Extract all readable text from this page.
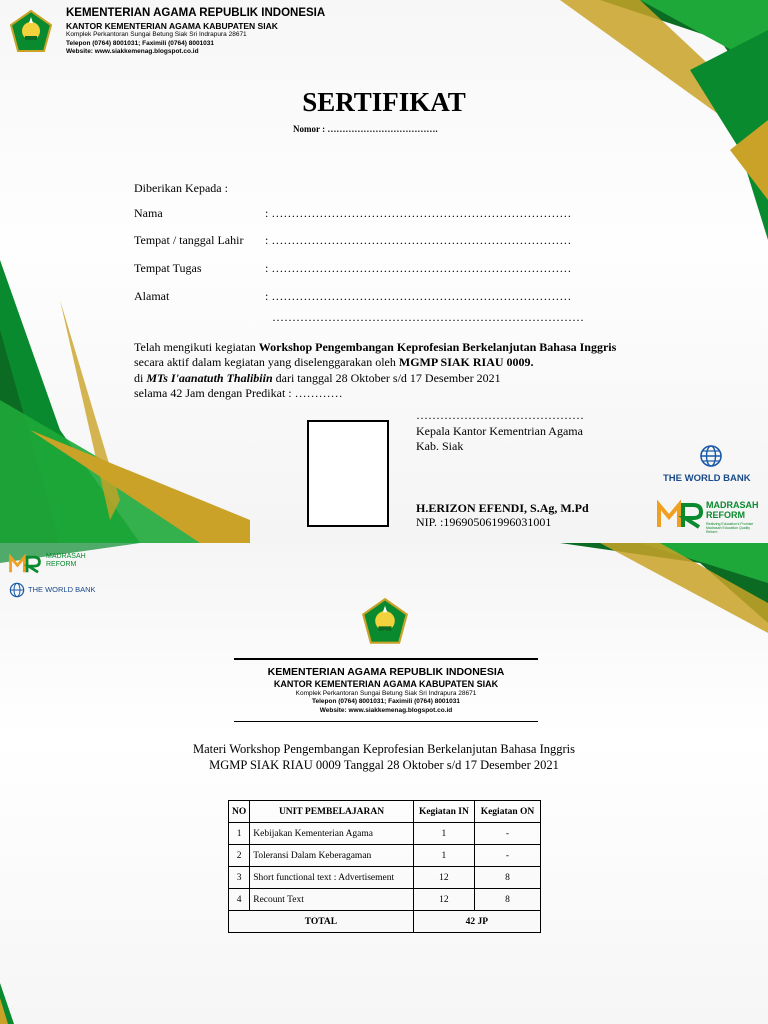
KEMENTERIAN AGAMA REPUBLIK INDONESIA
KANTOR KEMENTERIAN AGAMA KABUPATEN SIAK
Komplek Perkantoran Sungai Betung Siak Sri Indrapura 28671
Telepon (0764) 8001031; Faximili (0764) 8001031
Website: www.siakkemenag.blogspot.co.id
SERTIFIKAT
Nomor : ……………………………….
Diberikan Kepada :
Nama	: …………………………………………………………………
Tempat / tanggal Lahir : …………………………………………………………………
Tempat Tugas	: …………………………………………………………………
Alamat	: …………………………………………………………………
……………………………………………………………………
Telah mengikuti kegiatan Workshop Pengembangan Keprofesian Berkelanjutan Bahasa Inggris
secara aktif dalam kegiatan yang diselenggarakan oleh MGMP SIAK RIAU 0009.
di MTs I'aanatuth Thalibiin dari tanggal 28 Oktober s/d 17 Desember 2021
selama 42 Jam dengan Predikat : …………
……………………………………
Kepala Kantor Kementrian Agama
Kab. Siak
H.ERIZON EFENDI, S.Ag, M.Pd
NIP. :196905061996031001
THE WORLD BANK
MADRASAH
REFORM
Realizing Education's Promise Madrasah Education Quality Reform
MADRASAH
REFORM
THE WORLD BANK
KEMENTERIAN AGAMA REPUBLIK INDONESIA
KANTOR KEMENTERIAN AGAMA KABUPATEN SIAK
Komplek Perkantoran Sungai Betung Siak Sri Indrapura 28671
Telepon (0764) 8001031; Faximili (0764) 8001031
Website: www.siakkemenag.blogspot.co.id
Materi Workshop Pengembangan Keprofesian Berkelanjutan Bahasa Inggris
MGMP SIAK RIAU 0009 Tanggal 28 Oktober s/d 17 Desember 2021
NO	UNIT PEMBELAJARAN	Kegiatan IN	Kegiatan ON
1	Kebijakan Kementerian Agama	1	-
2	Toleransi Dalam Keberagaman	1	-
3	Short functional text : Advertisement	12	8
4	Recount Text	12	8
TOTAL		42 JP	
